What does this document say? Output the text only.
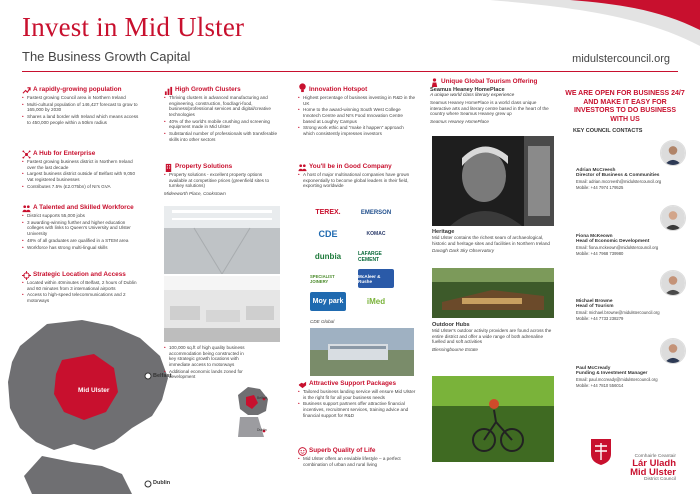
Invest in Mid Ulster
The Business Growth Capital	midulstercouncil.org
A rapidly-growing population
• Fastest growing Council area in Northern Ireland
• Multi-cultural population of 146,427 forecast to grow to 165,000 by 2030
• Shares a land border with Ireland which means access to 450,000 people within a 50km radius
A Hub for Enterprise
• Fastest growing business district in Northern Ireland over the last decade
• Largest business district outside of Belfast with 9,050 Vat registered businesses
• Contributes 7.5% (£2.075bn) of NI's GVA
A Talented and Skilled Workforce
• District supports 55,000 jobs
• 3 awarding-winning further and higher education colleges with links to Queen's University and Ulster University
• 48% of all graduates are qualified in a STEM area
• Workforce has strong multi-lingual skills
Strategic Location and Access
• Located within 40minutes of Belfast, 2 hours of Dublin and 60 minutes from 3 international airports
• Access to high-speed telecommunications and 2 motorways
Mid Ulster
Belfast
Dublin
High Growth Clusters
• Thriving clusters in advanced manufacturing and engineering, construction, food/agri-food, business/professional services and digital/creative technologies
• 40% of the world's mobile crushing and screening equipment made in Mid Ulster
• Substantial number of professionals with transferable skills into other sectors
Property Solutions
• Property solutions - excellent property options available at competitive prices (greenfield sites to turnkey solutions)
Mideeworth Place, Cookstown
• 100,000 sq.ft of high quality business accommodation being constructed in key strategic growth locations with immediate access to motorways
• Additional economic lands zoned for development
Belfast
Dublin
Innovation Hotspot
• Highest percentage of business investing in R&D in the UK
• Home to the award-winning South West College Innotech Centre and NI's Food Innovation Centre based at Loughry Campus
• Strong work ethic and "make it happen" approach which consistently impresses investors
You'll be in Good Company
• A host of major multinational companies have grown exponentially to become global leaders in their field, exporting worldwide
TEREX.	EMERSON
CDE	KOMAC
dunbia	LAFARGE CEMENT
SPECIALIST JOINERY
McAleer & Rushe
Moy park	iMed
CDE Global
Attractive Support Packages
• Tailored business landing service will ensure Mid Ulster is the right fit for all your business needs
• Business support partners offer attractive financial incentives, recruitment services, training advice and financial support for R&D
Superb Quality of Life
• Mid Ulster offers an enviable lifestyle – a perfect combination of urban and rural living
Unique Global Tourism Offering
Seamus Heaney HomePlace
A unique world class literary experience

Seamus Heaney HomePlace is a world class unique interactive arts and literary centre based in the heart of the country where Seamus Heaney grew up

Seamus Heaney HomePlace
Heritage

Mid Ulster contains the richest seam of archaeological, historic and heritage sites and facilities in Northern Ireland

Davagh Dark Sky Observatory
Outdoor Hubs

Mid Ulster's outdoor activity providers are found across the entire district and offer a wide range of both adrenaline fuelled and soft activities

Blessingbourne Estate
WE ARE OPEN FOR BUSINESS 24/7 AND MAKE IT EASY FOR INVESTORS TO DO BUSINESS WITH US
KEY COUNCIL CONTACTS
Adrian McCreesh
Director of Business & Communities
Email: adrian.mccreesh@midulstercouncil.org
Mobile: +44 7974 179525
Fiona McKeown
Head of Economic Development
Email: fiona.mckeown@midulstercouncil.org
Mobile: +44 7968 739980
Michael Browne
Head of Tourism
Email: michael.browne@midulstercouncil.org
Mobile: +44 7733 238279
Paul McCready
Funding & Investment Manager
Email: paul.mccready@midulstercouncil.org
Mobile: +44 7810 556014
Comhairle Ceantair
Lár Uladh
Mid Ulster
District Council
